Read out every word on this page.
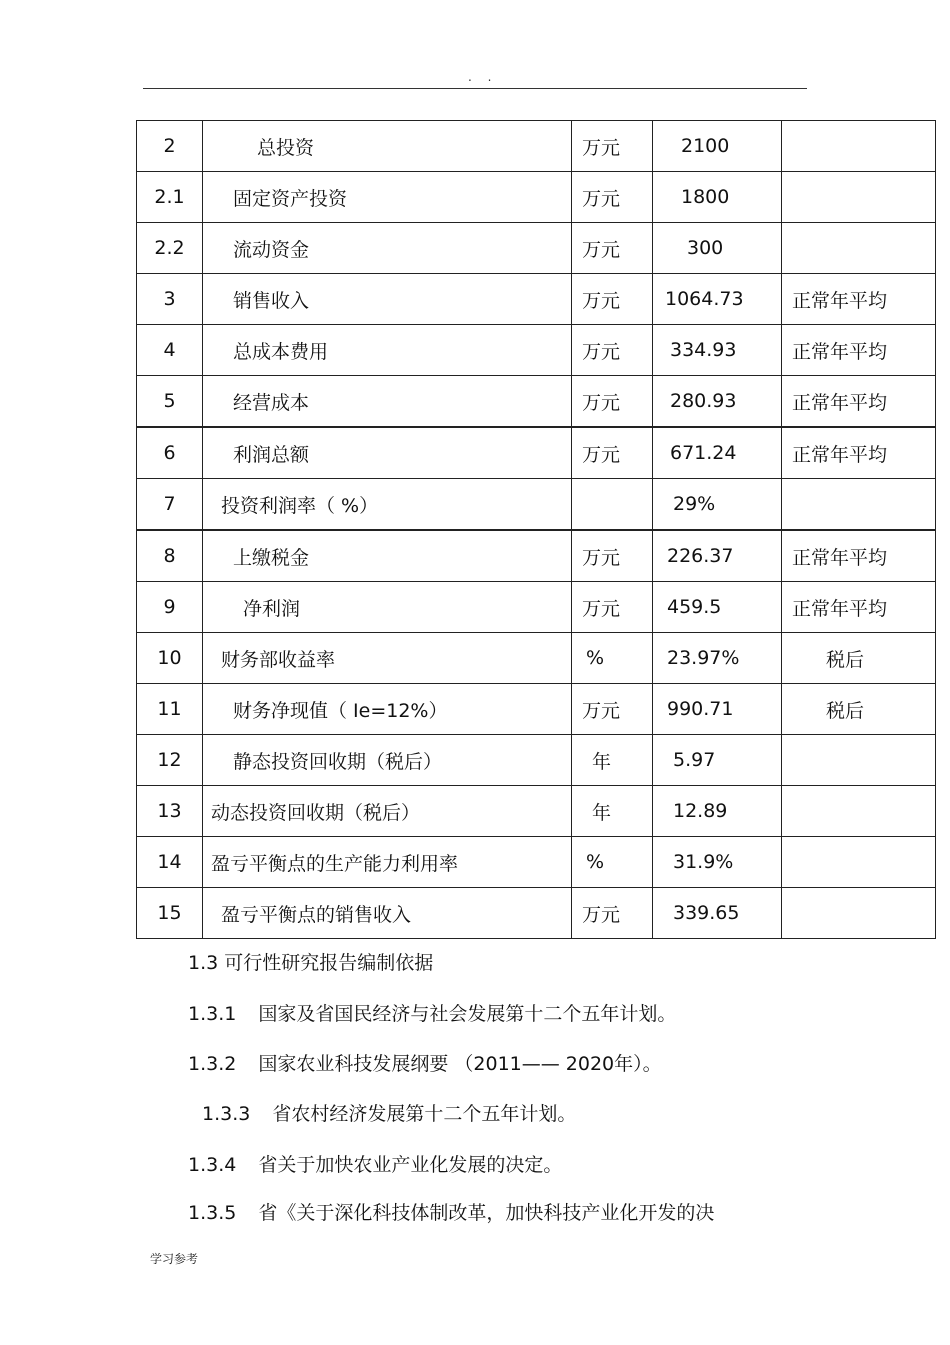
. .
2	总投资	万元	2100	
2.1	固定资产投资	万元	1800	
2.2	流动资金	万元	300	
3	销售收入	万元	1064.73	正常年平均
4	总成本费用	万元	334.93	正常年平均
5	经营成本	万元	280.93	正常年平均
6	利润总额	万元	671.24	正常年平均
7	投资利润率（ %）		29%	
8	上缴税金	万元	226.37	正常年平均
9	净利润	万元	459.5	正常年平均
10	财务部收益率	%	23.97%	税后
11	财务净现值（ Ie=12%）	万元	990.71	税后
12	静态投资回收期（税后）	年	5.97	
13	动态投资回收期（税后）	年	12.89	
14	盈亏平衡点的生产能力利用率	%	31.9%	
15	盈亏平衡点的销售收入	万元	339.65	
1.3 可行性研究报告编制依据
1.3.1 国家及省国民经济与社会发展第十二个五年计划。
1.3.2 国家农业科技发展纲要 （2011—— 2020年）。
1.3.3 省农村经济发展第十二个五年计划。
1.3.4 省关于加快农业产业化发展的决定。
1.3.5 省《关于深化科技体制改革，加快科技产业化开发的决
学习参考
